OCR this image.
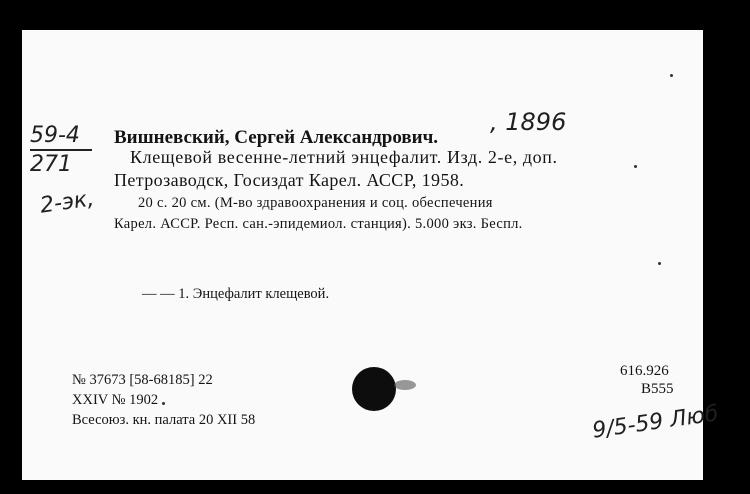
59-4
271
Вишневский, Сергей Александрович.
, 1896
Клещевой весенне-летний энцефалит. Изд. 2-е, доп.
Петрозаводск, Госиздат Карел. АССР, 1958.
20 с. 20 см. (М-во здравоохранения и соц. обеспечения
Карел. АССР. Респ. сан.-эпидемиол. станция). 5.000 экз. Беспл.
2-эк,
— — 1. Энцефалит клещевой.
№ 37673 [58-68185] 22
XXIV № 1902
Всесоюз. кн. палата 20 XII 58
616.926
В555
9/5-59 Люб
